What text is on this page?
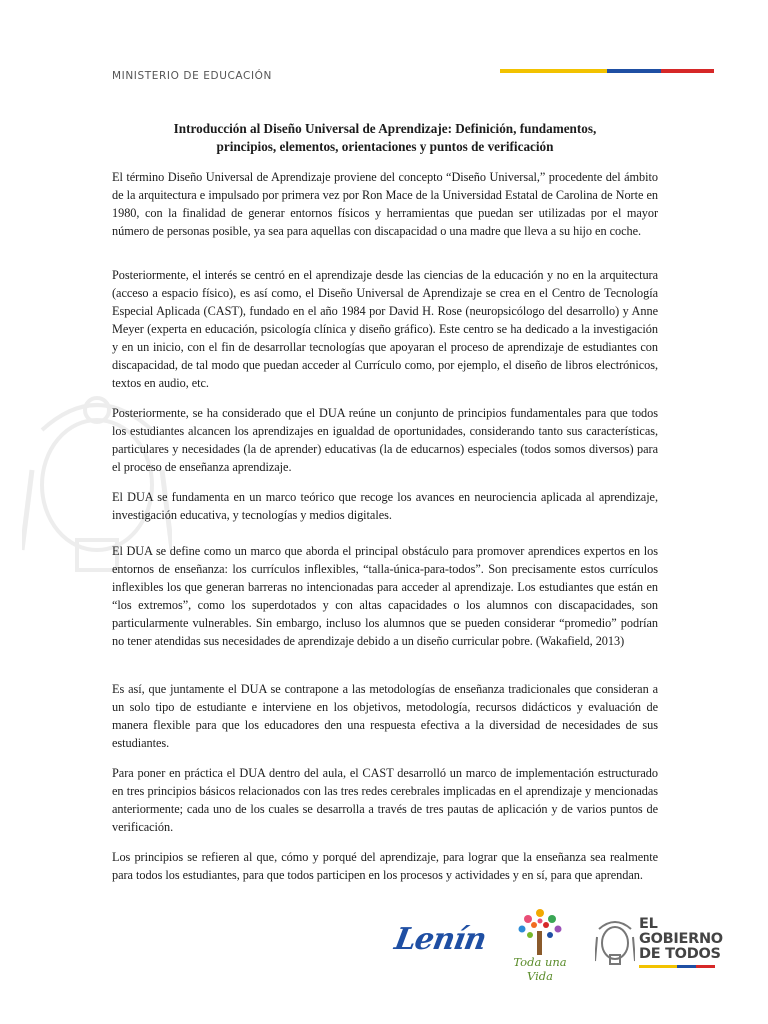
MINISTERIO DE EDUCACIÓN
Introducción al Diseño Universal de Aprendizaje: Definición, fundamentos,
principios, elementos, orientaciones y puntos de verificación

El término Diseño Universal de Aprendizaje proviene del concepto “Diseño Universal,” procedente del ámbito de la arquitectura e impulsado por primera vez por Ron Mace de la Universidad Estatal de Carolina de Norte en 1980, con la finalidad de generar entornos físicos y herramientas que puedan ser utilizadas por el mayor número de personas posible, ya sea para aquellas con discapacidad o una madre que lleva a su hijo en coche.

Posteriormente, el interés se centró en el aprendizaje desde las ciencias de la educación y no en la arquitectura (acceso a espacio físico), es así como, el Diseño Universal de Aprendizaje se crea en el Centro de Tecnología Especial Aplicada (CAST), fundado en el año 1984 por David H. Rose (neuropsicólogo del desarrollo) y Anne Meyer (experta en educación, psicología clínica y diseño gráfico). Este centro se ha dedicado a la investigación y en un inicio, con el fin de desarrollar tecnologías que apoyaran el proceso de aprendizaje de estudiantes con discapacidad, de tal modo que puedan acceder al Currículo como, por ejemplo, el diseño de libros electrónicos, textos en audio, etc.

Posteriormente, se ha considerado que el DUA reúne un conjunto de principios fundamentales para que todos los estudiantes alcancen los aprendizajes en igualdad de oportunidades, considerando tanto sus características, particulares y necesidades (la de aprender) educativas (la de educarnos) especiales (todos somos diversos) para el proceso de enseñanza aprendizaje.

El DUA se fundamenta en un marco teórico que recoge los avances en neurociencia aplicada al aprendizaje, investigación educativa, y tecnologías y medios digitales.

El DUA se define como un marco que aborda el principal obstáculo para promover aprendices expertos en los entornos de enseñanza: los currículos inflexibles, “talla-única-para-todos”. Son precisamente estos currículos inflexibles los que generan barreras no intencionadas para acceder al aprendizaje. Los estudiantes que están en “los extremos”, como los superdotados y con altas capacidades o los alumnos con discapacidades, son particularmente vulnerables. Sin embargo, incluso los alumnos que se pueden considerar “promedio” podrían no tener atendidas sus necesidades de aprendizaje debido a un diseño curricular pobre. (Wakafield, 2013)

Es así, que juntamente el DUA se contrapone a las metodologías de enseñanza tradicionales que consideran a un solo tipo de estudiante e interviene en los objetivos, metodología, recursos didácticos y evaluación de manera flexible para que los educadores den una respuesta efectiva a la diversidad de necesidades de sus estudiantes.

Para poner en práctica el DUA dentro del aula, el CAST desarrolló un marco de implementación estructurado en tres principios básicos relacionados con las tres redes cerebrales implicadas en el aprendizaje y mencionadas anteriormente; cada uno de los cuales se desarrolla a través de tres pautas de aplicación y de varios puntos de verificación.

Los principios se refieren al que, cómo y porqué del aprendizaje, para lograr que la enseñanza sea realmente para todos los estudiantes, para que todos participen en los procesos y actividades y en sí, para que aprendan.

Lenín
Toda una Vida
EL
GOBIERNO
DE TODOS
